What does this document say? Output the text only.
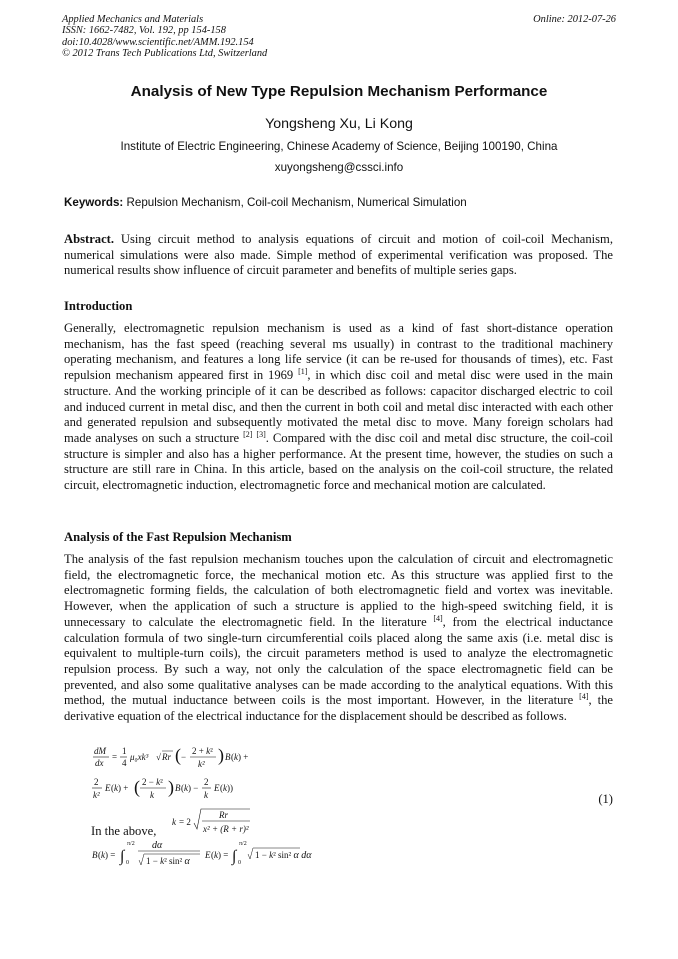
Applied Mechanics and Materials
ISSN: 1662-7482, Vol. 192, pp 154-158
doi:10.4028/www.scientific.net/AMM.192.154
© 2012 Trans Tech Publications Ltd, Switzerland
Online: 2012-07-26
Analysis of New Type Repulsion Mechanism Performance
Yongsheng Xu, Li Kong
Institute of Electric Engineering, Chinese Academy of Science, Beijing 100190, China
xuyongsheng@cssci.info
Keywords: Repulsion Mechanism, Coil-coil Mechanism, Numerical Simulation

Abstract. Using circuit method to analysis equations of circuit and motion of coil-coil Mechanism, numerical simulations were also made. Simple method of experimental verification was proposed. The numerical results show influence of circuit parameter and benefits of multiple series gaps.

Introduction

Generally, electromagnetic repulsion mechanism is used as a kind of fast short-distance operation mechanism, has the fast speed (reaching several ms usually) in contrast to the traditional machinery operating mechanism, and features a long life service (it can be re-used for thousands of times), etc. Fast repulsion mechanism appeared first in 1969 [1], in which disc coil and metal disc were used in the main structure. And the working principle of it can be described as follows: capacitor discharged electric to coil and induced current in metal disc, and then the current in both coil and metal disc interacted with each other and generated repulsion and subsequently motivated the metal disc to move. Many foreign scholars had made analyses on such a structure [2] [3]. Compared with the disc coil and metal disc structure, the coil-coil structure is simpler and also has a higher performance. At the present time, however, the studies on such a structure are still rare in China. In this article, based on the analysis on the coil-coil structure, the related circuit, electromagnetic induction, electromagnetic force and mechanical motion are calculated.

Analysis of the Fast Repulsion Mechanism

The analysis of the fast repulsion mechanism touches upon the calculation of circuit and electromagnetic field, the electromagnetic force, the mechanical motion etc. As this structure was applied first to the electromagnetic forming fields, the calculation of both electromagnetic field and vortex was inevitable. However, when the application of such a structure is applied to the high-speed switching field, it is unnecessary to calculate the electromagnetic field. In the literature [4], from the electrical inductance calculation formula of two single-turn circumferential coils placed along the same axis (i.e. metal disc is equivalent to multiple-turn coils), the circuit parameters method is used to analyze the electromagnetic repulsion process. By such a way, not only the calculation of the space electromagnetic field can be prevented, and also some qualitative analyses can be made according to the analytical equations. With this method, the mutual inductance between coils is the most important. However, in the literature [4], the derivative equation of the electrical inductance for the displacement should be described as follows.

dM
dx
=
1
4
μ₀xk³ √ Rr ( −
2 + k²
k² ) B (k) +
2
k²
E (k) + ( 2 − k²
k ) B (k) −
2
k
E (k))
(1)
k = 2
Rr
x² + (R + r)²
In the above,
B (k) = ∫
π/2
0
dα
1 − k² sin² α
E (k) = ∫
π/2
0
1 − k² sin² α dα
